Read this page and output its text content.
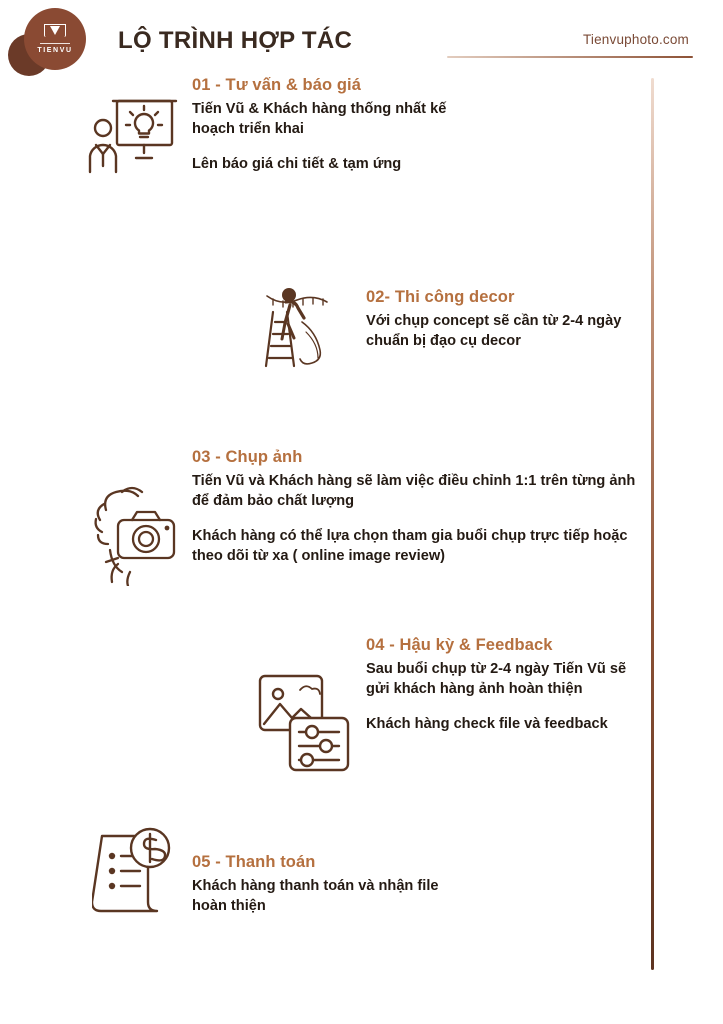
TIENVU LỘ TRÌNH HỢP TÁC	Tienvuphoto.com
01 - Tư vấn & báo giá
Tiến Vũ & Khách hàng thống nhất kế hoạch triển khai
Lên báo giá chi tiết & tạm ứng
02- Thi công decor
Với chụp concept sẽ cần từ 2-4 ngày chuẩn bị đạo cụ decor
03 - Chụp ảnh
Tiến Vũ và Khách hàng sẽ làm việc điều chỉnh 1:1 trên từng ảnh để đảm bảo chất lượng
Khách hàng có thể lựa chọn tham gia buổi chụp trực tiếp hoặc theo dõi từ xa ( online image review)
04 - Hậu kỳ & Feedback
Sau buổi chụp từ 2-4 ngày Tiến Vũ sẽ gửi khách hàng ảnh hoàn thiện
Khách hàng check file và feedback
05 - Thanh toán
Khách hàng thanh toán và nhận file hoàn thiện
